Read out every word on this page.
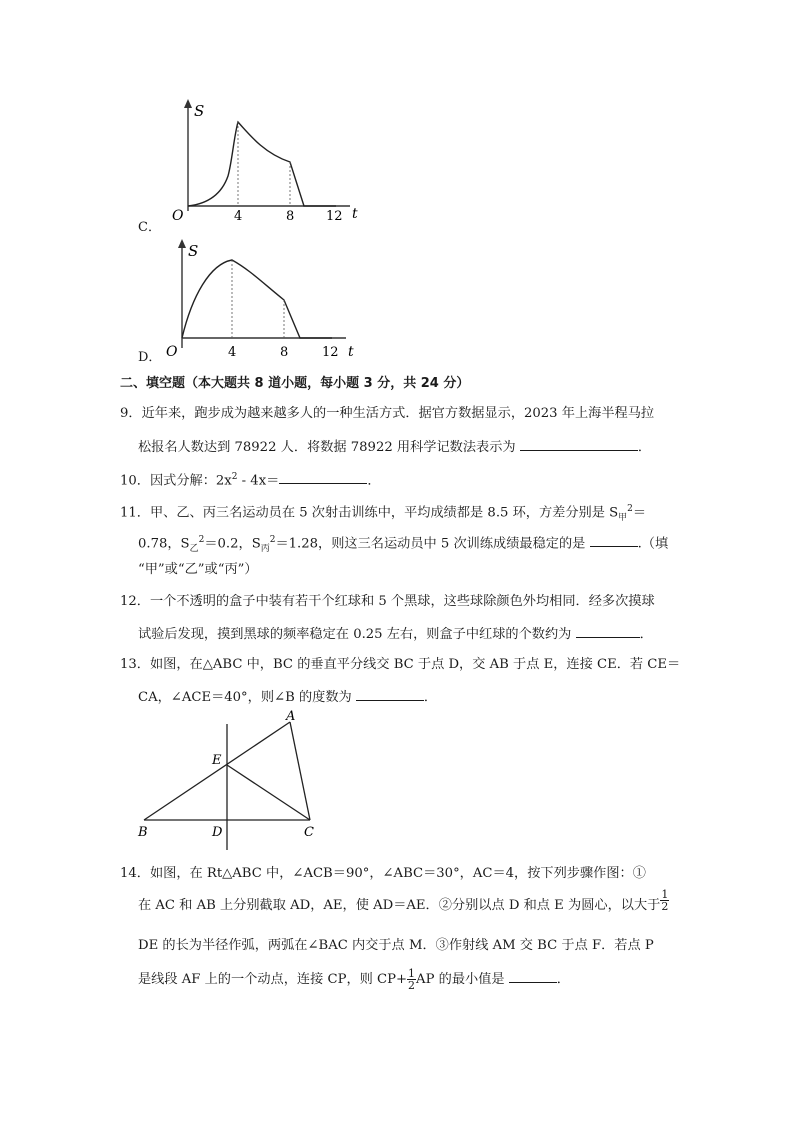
C．
S
O	4	8 12 t
D．
S
O	4	8	12 t
二、填空题（本大题共 8 道小题，每小题 3 分，共 24 分）
9．近年来，跑步成为越来越多人的一种生活方式．据官方数据显示，2023 年上海半程马拉
松报名人数达到 78922 人．将数据 78922 用科学记数法表示为	．
10．因式分解：$2x^2 - 4x=$	．
11．甲、乙、丙三名运动员在 5 次射击训练中，平均成绩都是 8.5 环，方差分别是 $S_甲^2=$
0.78，$S_乙^2=0.2$，$S_丙^2=1.28$，则这三名运动员中 5 次训练成绩最稳定的是	.（填
“甲”或“乙”或“丙”）
12．一个不透明的盒子中装有若干个红球和 5 个黑球，这些球除颜色外均相同．经多次摸球
试验后发现，摸到黑球的频率稳定在 0.25 左右，则盒子中红球的个数约为	．
13．如图，在△ABC 中，BC 的垂直平分线交 BC 于点 D，交 AB 于点 E，连接 CE．若 CE＝
CA，∠ACE＝40°，则∠B 的度数为	．
A
E
B	D	C
14．如图，在 Rt△ABC 中，∠ACB＝90°，∠ABC＝30°，AC＝4，按下列步骤作图：①
在 AC 和 AB 上分别截取 AD，AE，使 AD＝AE．②分别以点 D 和点 E 为圆心，以大于 $\frac{1}{2}$
DE 的长为半径作弧，两弧在∠BAC 内交于点 M．③作射线 AM 交 BC 于点 F．若点 P
是线段 AF 上的一个动点，连接 CP，则 $CP+ \frac{1}{2}$ AP 的最小值是	．
